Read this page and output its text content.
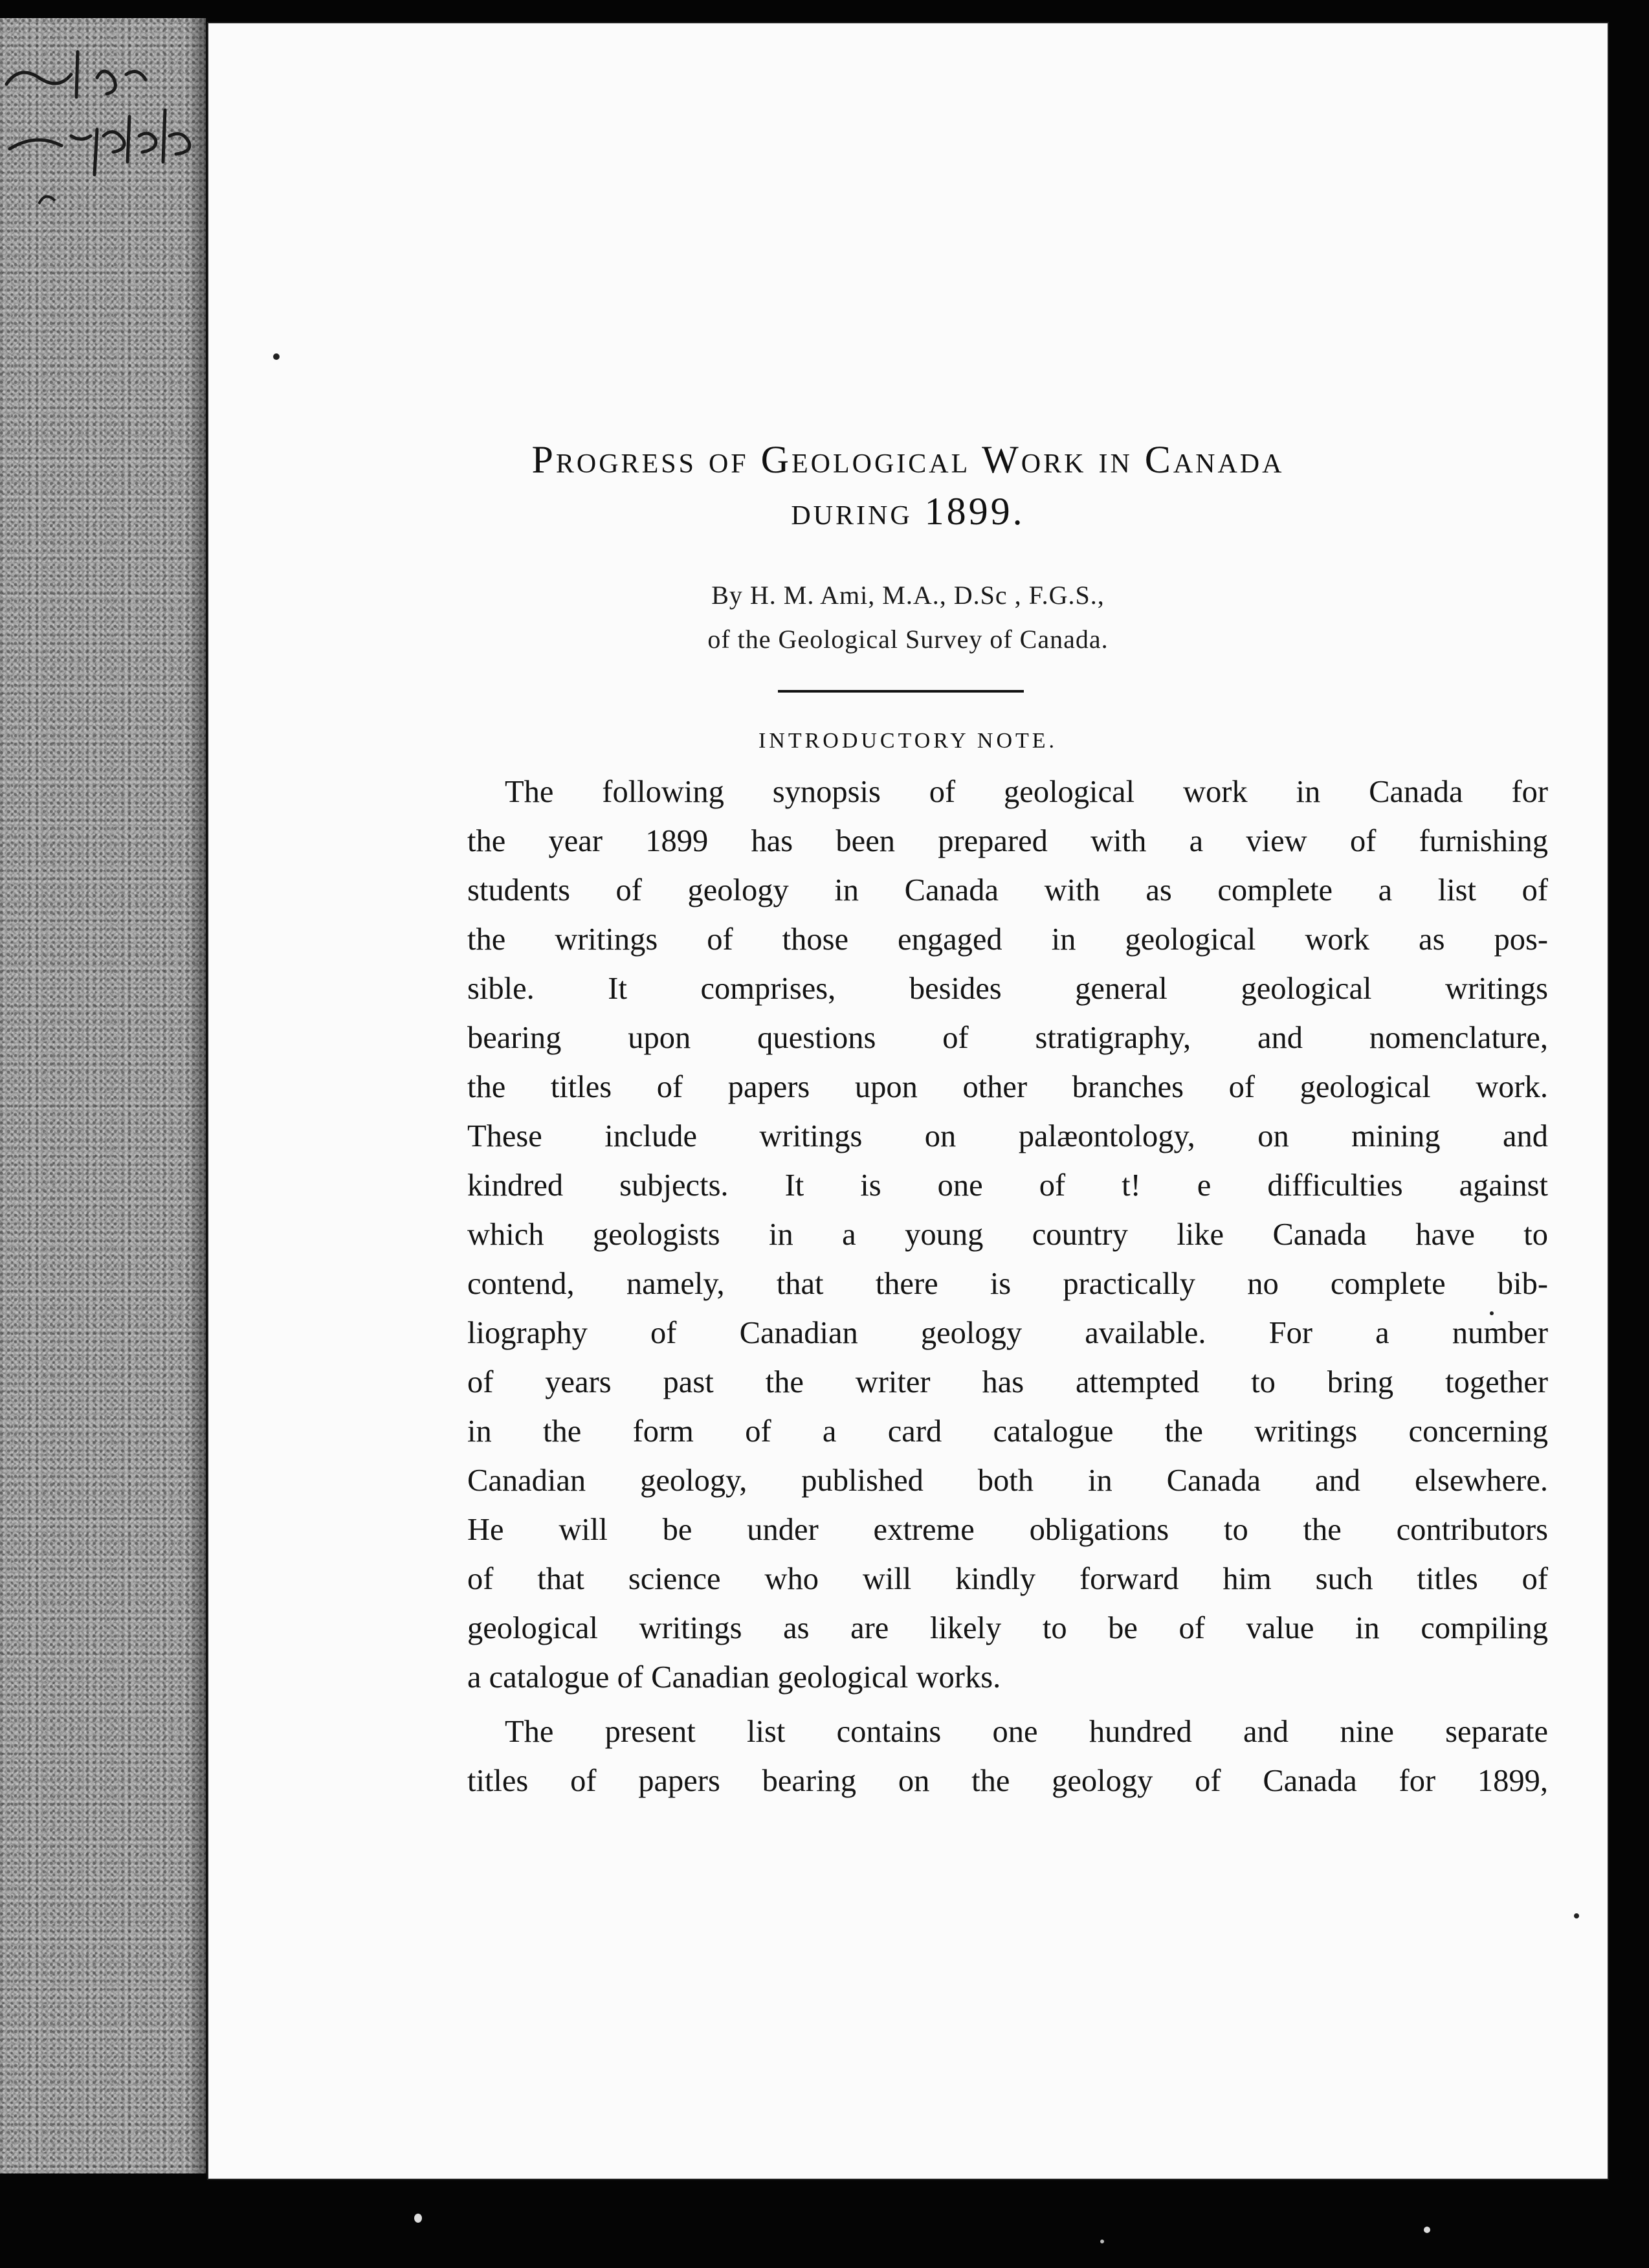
Progress of Geological Work in Canada
during 1899.
By H. M. Ami, M.A., D.Sc , F.G.S.,
of the Geological Survey of Canada.
INTRODUCTORY NOTE.
The following synopsis of geological work in Canada for
the year 1899 has been prepared with a view of furnishing
students of geology in Canada with as complete a list of
the writings of those engaged in geological work as pos-
sible. It comprises, besides general geological writings
bearing upon questions of stratigraphy, and nomenclature,
the titles of papers upon other branches of geological work.
These include writings on palæontology, on mining and
kindred subjects. It is one of t! e difficulties against
which geologists in a young country like Canada have to
contend, namely, that there is practically no complete bib-
liography of Canadian geology available. For a number
of years past the writer has attempted to bring together
in the form of a card catalogue the writings concerning
Canadian geology, published both in Canada and elsewhere.
He will be under extreme obligations to the contributors
of that science who will kindly forward him such titles of
geological writings as are likely to be of value in compiling
a catalogue of Canadian geological works.
The present list contains one hundred and nine separate
titles of papers bearing on the geology of Canada for 1899,
